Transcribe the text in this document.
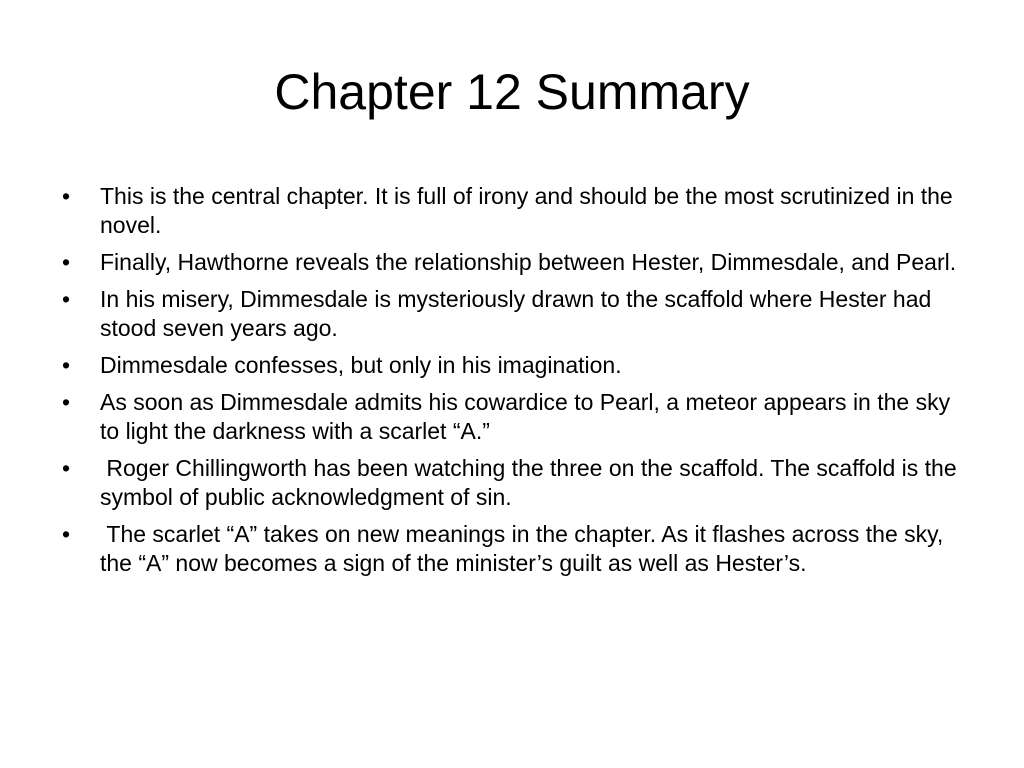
Chapter 12 Summary
•	This is the central chapter. It is full of irony and should be the most scrutinized in the novel.
•	Finally, Hawthorne reveals the relationship between Hester, Dimmesdale, and Pearl.
•	In his misery, Dimmesdale is mysteriously drawn to the scaffold where Hester had stood seven years ago.
•	Dimmesdale confesses, but only in his imagination.
•	As soon as Dimmesdale admits his cowardice to Pearl, a meteor appears in the sky to light the darkness with a scarlet “A.”
•	Roger Chillingworth has been watching the three on the scaffold. The scaffold is the symbol of public acknowledgment of sin.
•	The scarlet “A” takes on new meanings in the chapter. As it flashes across the sky, the “A” now becomes a sign of the minister’s guilt as well as Hester’s.
